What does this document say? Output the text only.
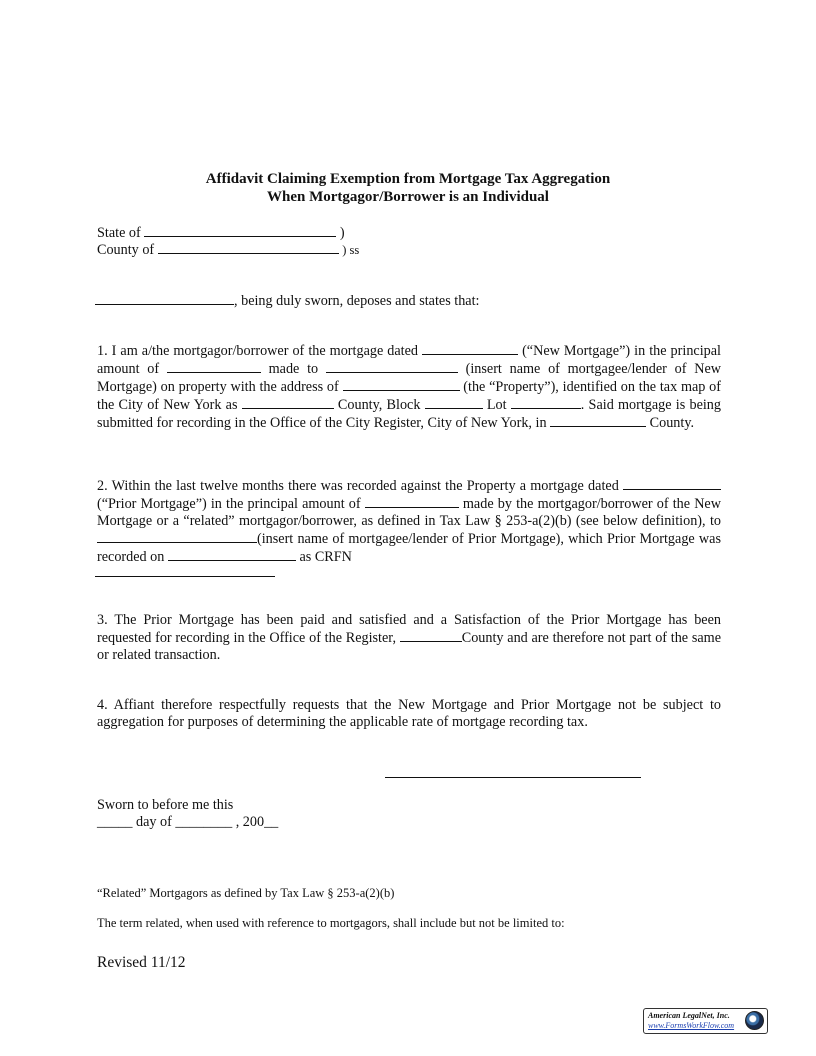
Affidavit Claiming Exemption from Mortgage Tax Aggregation
When Mortgagor/Borrower is an Individual
State of	)
County of	) ss
, being duly sworn, deposes and states that:
1. I am a/the mortgagor/borrower of the mortgage dated	(“New Mortgage”) in the principal amount of	made to	(insert name of mortgagee/lender of New Mortgage) on property with the address of	(the “Property”), identified on the tax map of the City of New York as	County, Block	Lot	. Said mortgage is being submitted for recording in the Office of the City Register, City of New York, in	County.
2. Within the last twelve months there was recorded against the Property a mortgage dated  (“Prior Mortgage”) in the principal amount of	made by the mortgagor/borrower of the New Mortgage or a “related” mortgagor/borrower, as defined in Tax Law § 253-a(2)(b) (see below definition), to (insert name of mortgagee/lender of Prior Mortgage), which Prior Mortgage was recorded on	as CRFN
3. The Prior Mortgage has been paid and satisfied and a Satisfaction of the Prior Mortgage has been requested for recording in the Office of the Register,	County and are therefore not part of the same or related transaction.
4. Affiant therefore respectfully requests that the New Mortgage and Prior Mortgage not be subject to aggregation for purposes of determining the applicable rate of mortgage recording tax.
Sworn to before me this
_____ day of ________ , 200__
“Related” Mortgagors as defined by Tax Law § 253-a(2)(b)
The term related, when used with reference to mortgagors, shall include but not be limited to:
Revised 11/12
American LegalNet, Inc.
www.FormsWorkFlow.com
